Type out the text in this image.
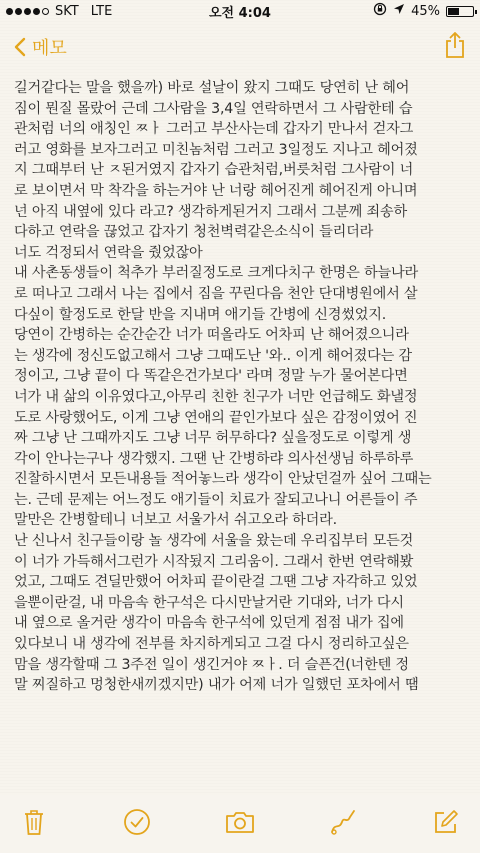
SKT LTE	오전 4:04	45%
메모

길거같다는 말을 했을까) 바로 설날이 왔지 그때도 당연히 난 헤어

짐이 뭔질 몰랐어 근데 그사람을 3,4일 연락하면서 그 사람한테 습

관처럼 너의 애칭인 ㅉㅏ 그러고 부산사는데 갑자기 만나서 걷자그

러고 영화를 보자그러고 미친놈처럼 그러고 3일정도 지나고 헤어졌

지 그때부터 난 ㅈ된거였지 갑자기 습관처럼,버릇처럼 그사람이 너

로 보이면서 막 착각을 하는거야 난 너랑 헤어진게 헤어진게 아니며

넌 아직 내옆에 있다 라고? 생각하게된거지 그래서 그분께 죄송하

다하고 연락을 끊었고 갑자기 청천벽력같은소식이 들리더라

너도 걱정되서 연락을 줬었잖아

내 사촌동생들이 척추가 부러질정도로 크게다치구 한명은 하늘나라

로 떠나고 그래서 나는 집에서 짐을 꾸린다음 천안 단대병원에서 살

다싶이 할정도로 한달 반을 지내며 애기들 간병에 신경썼었지.

당연이 간병하는 순간순간 너가 떠올라도 어차피 난 해어졌으니라

는 생각에 정신도없고해서 그냥 그때도난 '와.. 이게 해어졌다는 감

정이고, 그냥 끝이 다 똑같은건가보다' 라며 정말 누가 물어본다면

너가 내 삶의 이유였다고,아무리 친한 친구가 너만 언급해도 화낼정

도로 사랑했어도, 이게 그냥 연애의 끝인가보다 싶은 감정이였어 진

짜 그냥 난 그때까지도 그냥 너무 허무하다? 싶을정도로 이렇게 생

각이 안나는구나 생각했지. 그땐 난 간병하랴 의사선생님 하루하루

진찰하시면서 모든내용들 적어놓느라 생각이 안났던걸까 싶어 그때는

는. 근데 문제는 어느정도 애기들이 치료가 잘되고나니 어른들이 주

말만은 간병할테니 너보고 서울가서 쉬고오라 하더라.

난 신나서 친구들이랑 놀 생각에 서울을 왔는데 우리집부터 모든것

이 너가 가득해서그런가 시작됬지 그리움이. 그래서 한번 연락해봤

었고, 그때도 견딜만했어 어차피 끝이란걸 그땐 그냥 자각하고 있었

을뿐이란걸, 내 마음속 한구석은 다시만날거란 기대와, 너가 다시

내 옆으로 올거란 생각이 마음속 한구석에 있던게 점점 내가 집에

있다보니 내 생각에 전부를 차지하게되고 그걸 다시 정리하고싶은

맘을 생각할때 그 3주전 일이 생긴거야 ㅉㅏ. 더 슬픈건(너한텐 정

말 찌질하고 멍청한새끼겠지만) 내가 어제 너가 일했던 포차에서 땜
